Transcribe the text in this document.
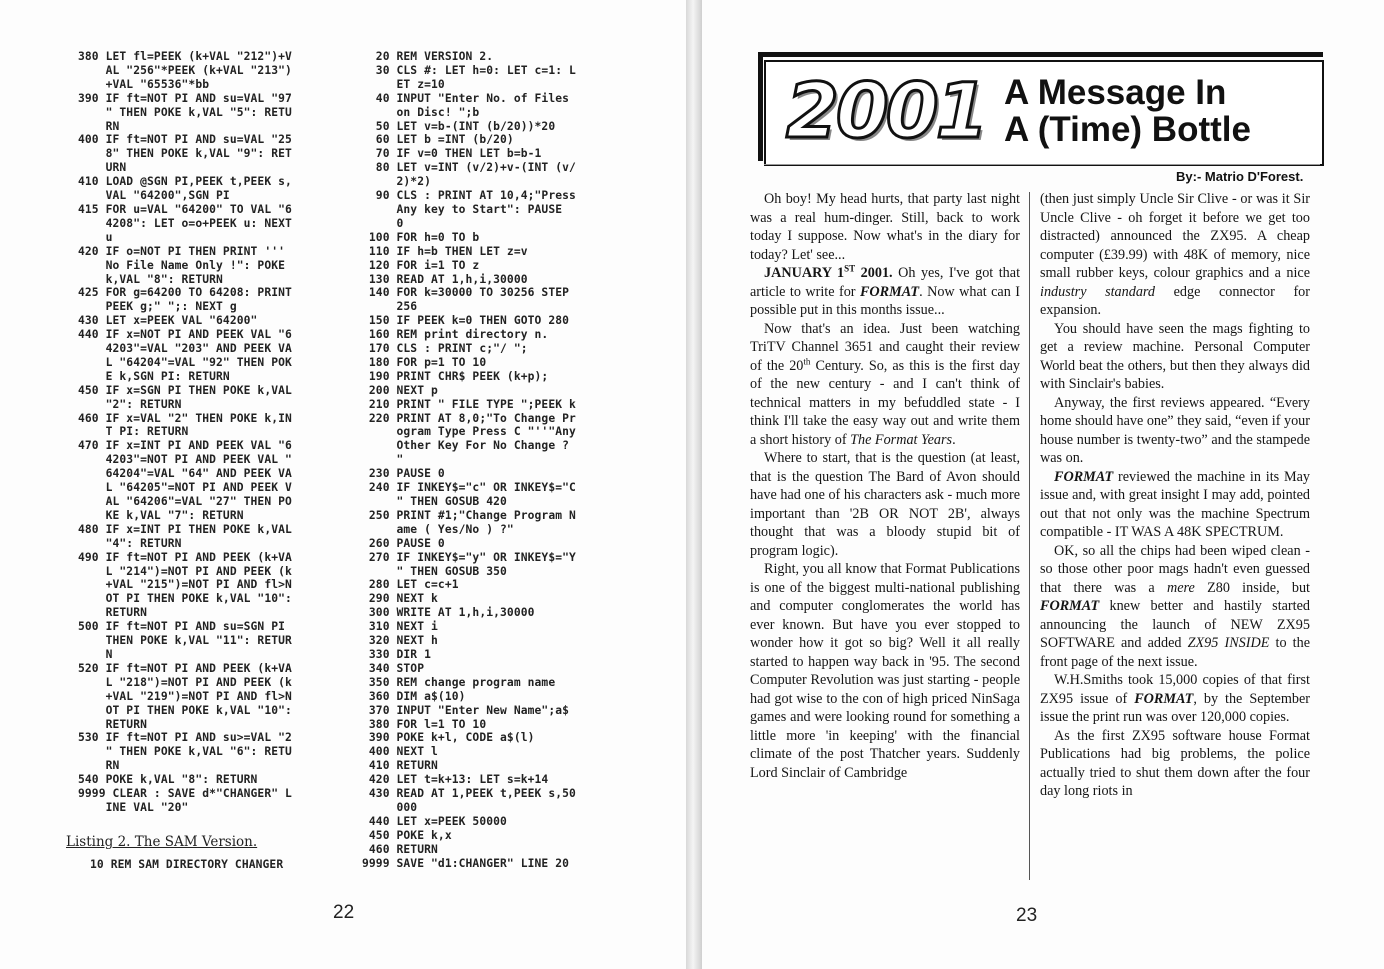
380 LET fl=PEEK (k+VAL "212")+V
AL "256"*PEEK (k+VAL "213")
+VAL "65536"*bb
390 IF ft=NOT PI AND su=VAL "97
" THEN POKE k,VAL "5": RETU
RN
400 IF ft=NOT PI AND su=VAL "25
8" THEN POKE k,VAL "9": RET
URN
410 LOAD @SGN PI,PEEK t,PEEK s,
VAL "64200",SGN PI
415 FOR u=VAL "64200" TO VAL "6
4208": LET o=o+PEEK u: NEXT
u
420 IF o=NOT PI THEN PRINT '''
No File Name Only !": POKE
k,VAL "8": RETURN
425 FOR g=64200 TO 64208: PRINT
PEEK g;" ";: NEXT g
430 LET x=PEEK VAL "64200"
440 IF x=NOT PI AND PEEK VAL "6
4203"=VAL "203" AND PEEK VA
L "64204"=VAL "92" THEN POK
E k,SGN PI: RETURN
450 IF x=SGN PI THEN POKE k,VAL
"2": RETURN
460 IF x=VAL "2" THEN POKE k,IN
T PI: RETURN
470 IF x=INT PI AND PEEK VAL "6
4203"=NOT PI AND PEEK VAL "
64204"=VAL "64" AND PEEK VA
L "64205"=NOT PI AND PEEK V
AL "64206"=VAL "27" THEN PO
KE k,VAL "7": RETURN
480 IF x=INT PI THEN POKE k,VAL
"4": RETURN
490 IF ft=NOT PI AND PEEK (k+VA
L "214")=NOT PI AND PEEK (k
+VAL "215")=NOT PI AND fl>N
OT PI THEN POKE k,VAL "10":
RETURN
500 IF ft=NOT PI AND su=SGN PI
THEN POKE k,VAL "11": RETUR
N
520 IF ft=NOT PI AND PEEK (k+VA
L "218")=NOT PI AND PEEK (k
+VAL "219")=NOT PI AND fl>N
OT PI THEN POKE k,VAL "10":
RETURN
530 IF ft=NOT PI AND su>=VAL "2
" THEN POKE k,VAL "6": RETU
RN
540 POKE k,VAL "8": RETURN
9999 CLEAR : SAVE d*"CHANGER" L
INE VAL "20"
20 REM VERSION 2.
30 CLS #: LET h=0: LET c=1: L
ET z=10
40 INPUT "Enter No. of Files
on Disc! ";b
50 LET v=b-(INT (b/20))*20
60 LET b =INT (b/20)
70 IF v=0 THEN LET b=b-1
80 LET v=INT (v/2)+v-(INT (v/
2)*2)
90 CLS : PRINT AT 10,4;"Press
Any key to Start": PAUSE
0
100 FOR h=0 TO b
110 IF h=b THEN LET z=v
120 FOR i=1 TO z
130 READ AT 1,h,i,30000
140 FOR k=30000 TO 30256 STEP
256
150 IF PEEK k=0 THEN GOTO 280
160 REM print directory n.
170 CLS : PRINT c;"/ ";
180 FOR p=1 TO 10
190 PRINT CHR$ PEEK (k+p);
200 NEXT p
210 PRINT " FILE TYPE ";PEEK k
220 PRINT AT 8,0;"To Change Pr
ogram Type Press C "''"Any
Other Key For No Change ?
"
230 PAUSE 0
240 IF INKEY$="c" OR INKEY$="C
" THEN GOSUB 420
250 PRINT #1;"Change Program N
ame ( Yes/No ) ?"
260 PAUSE 0
270 IF INKEY$="y" OR INKEY$="Y
" THEN GOSUB 350
280 LET c=c+1
290 NEXT k
300 WRITE AT 1,h,i,30000
310 NEXT i
320 NEXT h
330 DIR 1
340 STOP
350 REM change program name
360 DIM a$(10)
370 INPUT "Enter New Name";a$
380 FOR l=1 TO 10
390 POKE k+l, CODE a$(l)
400 NEXT l
410 RETURN
420 LET t=k+13: LET s=k+14
430 READ AT 1,PEEK t,PEEK s,50
000
440 LET x=PEEK 50000
450 POKE k,x
460 RETURN
9999 SAVE "d1:CHANGER" LINE 20
Listing 2. The SAM Version.
10 REM SAM DIRECTORY CHANGER
22
2001 A Message In
A (Time) Bottle
By:- Matrio D'Forest.

Oh boy! My head hurts, that party last night was a real hum-dinger. Still, back to work today I suppose. Now what's in the diary for today? Let' see...

JANUARY 1ST 2001. Oh yes, I've got that article to write for FORMAT. Now what can I possible put in this months issue...

Now that's an idea. Just been watching TriTV Channel 3651 and caught their review of the 20th Century. So, as this is the first day of the new century - and I can't think of technical matters in my befuddled state - I think I'll take the easy way out and write them a short history of The Format Years.

Where to start, that is the question (at least, that is the question The Bard of Avon should have had one of his characters ask - much more important than '2B OR NOT 2B', always thought that was a bloody stupid bit of program logic).

Right, you all know that Format Publications is one of the biggest multi-national publishing and computer conglomerates the world has ever known. But have you ever stopped to wonder how it got so big? Well it all really started to happen way back in '95. The second Computer Revolution was just starting - people had got wise to the con of high priced NinSaga games and were looking round for something a little more 'in keeping' with the financial climate of the post Thatcher years. Suddenly Lord Sinclair of Cambridge

(then just simply Uncle Sir Clive - or was it Sir Uncle Clive - oh forget it before we get too distracted) announced the ZX95. A cheap computer (£39.99) with 48K of memory, nice small rubber keys, colour graphics and a nice industry standard edge connector for expansion.

You should have seen the mags fighting to get a review machine. Personal Computer World beat the others, but then they always did with Sinclair's babies.

Anyway, the first reviews appeared. “Every home should have one” they said, “even if your house number is twenty-two” and the stampede was on.

FORMAT reviewed the machine in its May issue and, with great insight I may add, pointed out that not only was the machine Spectrum compatible - IT WAS A 48K SPECTRUM.

OK, so all the chips had been wiped clean - so those other poor mags hadn't even guessed that there was a mere Z80 inside, but FORMAT knew better and hastily started announcing the launch of NEW ZX95 SOFTWARE and added ZX95 INSIDE to the front page of the next issue.

W.H.Smiths took 15,000 copies of that first ZX95 issue of FORMAT, by the September issue the print run was over 120,000 copies.

As the first ZX95 software house Format Publications had big problems, the police actually tried to shut them down after the four day long riots in

23
